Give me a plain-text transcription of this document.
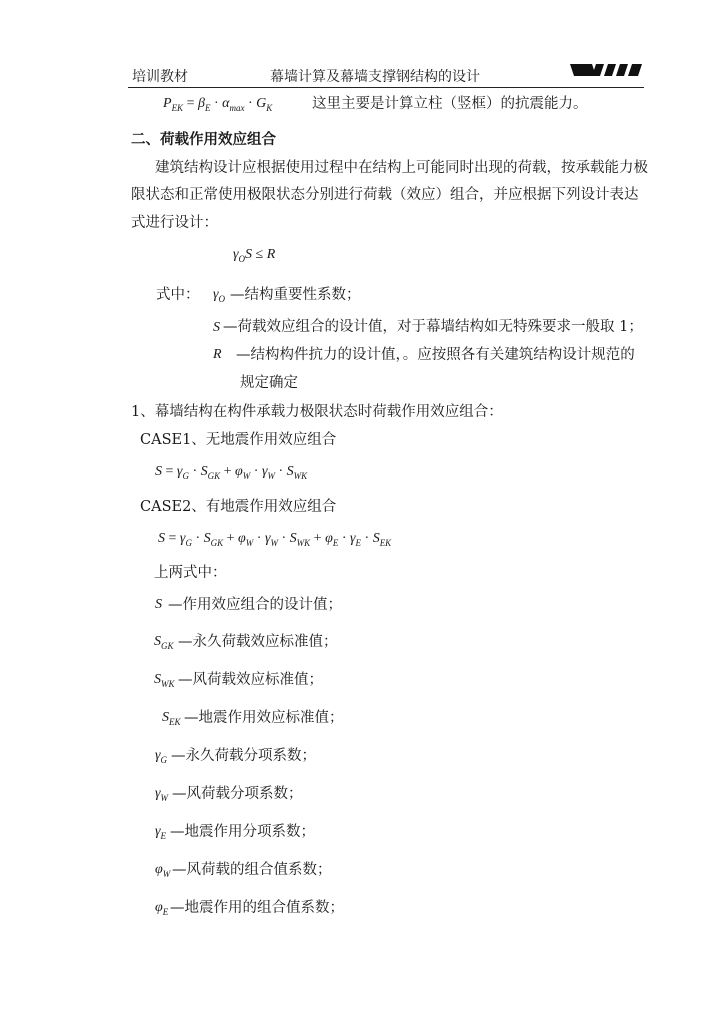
培训教材	幕墙计算及幕墙支撑钢结构的设计
$P_{EK} = \beta_E \cdot \alpha_{max} \cdot G_K$	这里主要是计算立柱（竖框）的抗震能力。
二、荷载作用效应组合
建筑结构设计应根据使用过程中在结构上可能同时出现的荷载，按承载能力极
限状态和正常使用极限状态分别进行荷载（效应）组合，并应根据下列设计表达
式进行设计：
$\gamma_OS \le R$
式中： $\gamma_O$ —结构重要性系数；
S —荷载效应组合的设计值，对于幕墙结构如无特殊要求一般取 1；
R —结构构件抗力的设计值，。应按照各有关建筑结构设计规范的
规定确定
1、幕墙结构在构件承载力极限状态时荷载作用效应组合：
CASE1、无地震作用效应组合
$S = \gamma_G \cdot S_{GK} + \varphi_W \cdot \gamma_W \cdot S_{WK}$
CASE2、有地震作用效应组合
$S = \gamma_G \cdot S_{GK} + \varphi_W \cdot \gamma_W \cdot S_{WK} + \varphi_E \cdot \gamma_E \cdot S_{EK}$
上两式中：
S —作用效应组合的设计值；
$S_{GK}$ —永久荷载效应标准值；
$S_{WK}$ —风荷载效应标准值；
$S_{EK}$ —地震作用效应标准值；
$\gamma_G$ —永久荷载分项系数；
$\gamma_W$ —风荷载分项系数；
$\gamma_E$ —地震作用分项系数；
$\varphi_W$ —风荷载的组合值系数；
$\varphi_E$ —地震作用的组合值系数；
